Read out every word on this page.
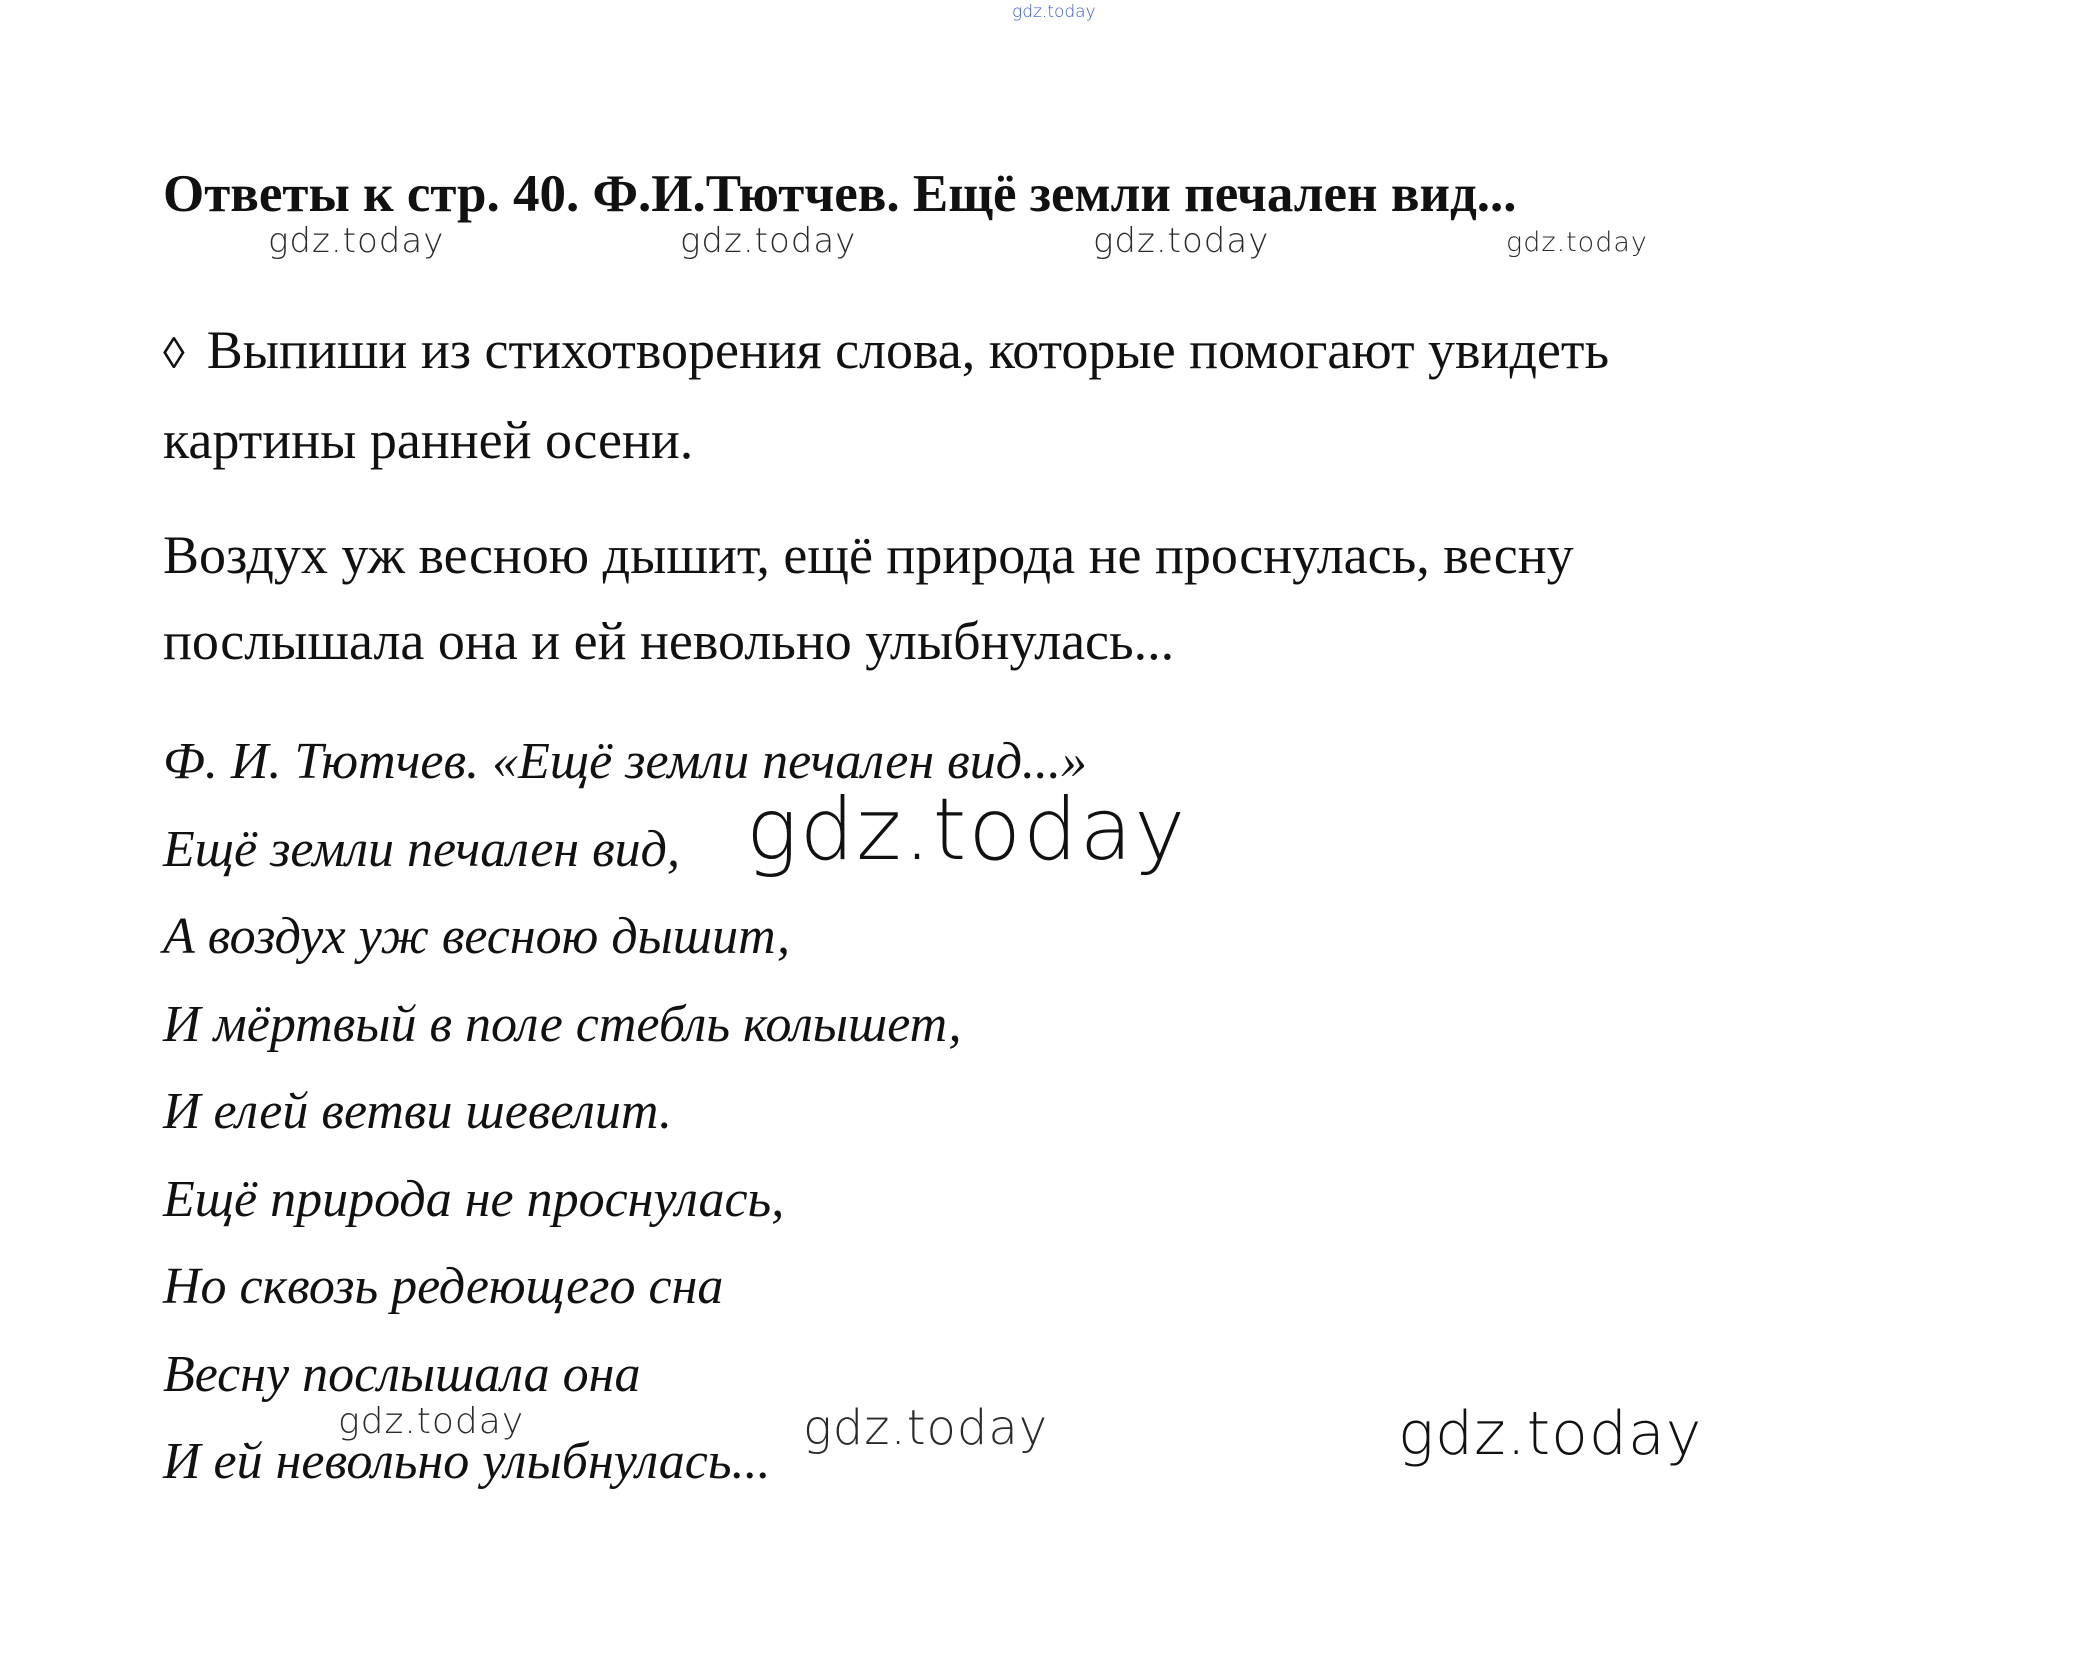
gdz.today
Ответы к стр. 40. Ф.И.Тютчев. Ещё земли печален вид...
◊ Выпиши из стихотворения слова, которые помогают увидеть картины ранней осени.
Воздух уж весною дышит, ещё природа не проснулась, весну послышала она и ей невольно улыбнулась...
Ф. И. Тютчев. «Ещё земли печален вид...»
Ещё земли печален вид,
А воздух уж весною дышит,
И мёртвый в поле стебль колышет,
И елей ветви шевелит.
Ещё природа не проснулась,
Но сквозь редеющего сна
Весну послышала она
И ей невольно улыбнулась...
gdz.today	gdz.today	gdz.today	gdz.today
gdz.today
gdz.today	gdz.today	gdz.today
